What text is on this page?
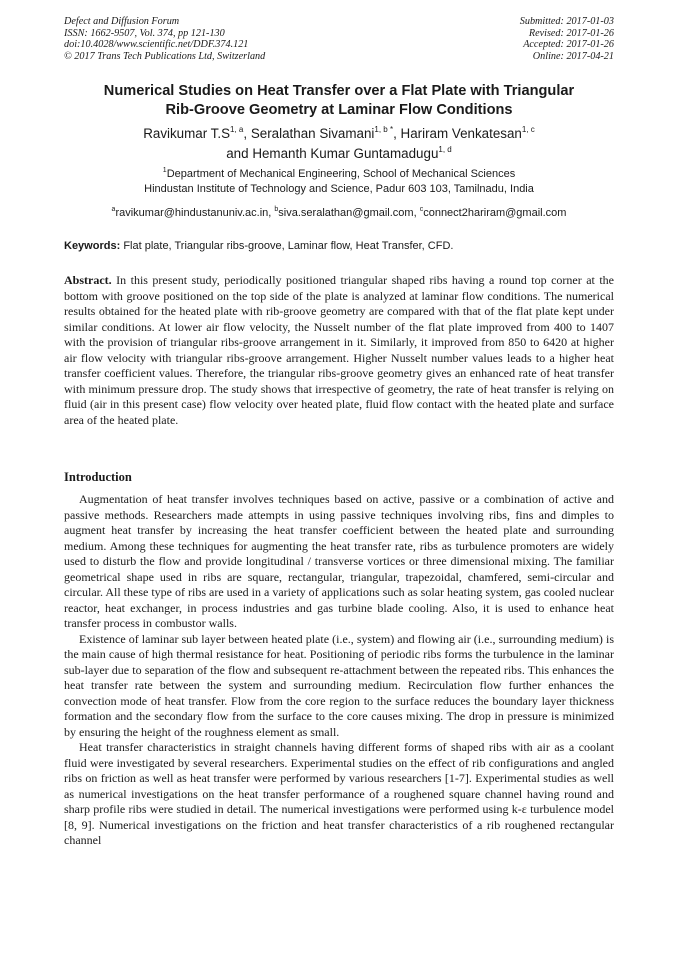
Defect and Diffusion Forum
ISSN: 1662-9507, Vol. 374, pp 121-130
doi:10.4028/www.scientific.net/DDF.374.121
© 2017 Trans Tech Publications Ltd, Switzerland
Submitted: 2017-01-03
Revised: 2017-01-26
Accepted: 2017-01-26
Online: 2017-04-21
Numerical Studies on Heat Transfer over a Flat Plate with Triangular
Rib-Groove Geometry at Laminar Flow Conditions
Ravikumar $T.S^{1, a}$, Seralathan Sivamani$^{1, b *}$, Hariram Venkatesan$^{1, c}$
and Hemanth Kumar Guntamadugu$^{1, d}$
$^1$Department of Mechanical Engineering, School of Mechanical Sciences
Hindustan Institute of Technology and Science, Padur 603 103, Tamilnadu, India
$^a$ravikumar@hindustanuniv.ac.in, $^b$siva.seralathan@gmail.com, $^c$connect2hariram@gmail.com
Keywords: Flat plate, Triangular ribs-groove, Laminar flow, Heat Transfer, CFD.
Abstract. In this present study, periodically positioned triangular shaped ribs having a round top corner at the bottom with groove positioned on the top side of the plate is analyzed at laminar flow conditions. The numerical results obtained for the heated plate with rib-groove geometry are compared with that of the flat plate kept under similar conditions. At lower air flow velocity, the Nusselt number of the flat plate improved from 400 to 1407 with the provision of triangular ribs-groove arrangement in it. Similarly, it improved from 850 to 6420 at higher air flow velocity with triangular ribs-groove arrangement. Higher Nusselt number values leads to a higher heat transfer coefficient values. Therefore, the triangular ribs-groove geometry gives an enhanced rate of heat transfer with minimum pressure drop. The study shows that irrespective of geometry, the rate of heat transfer is relying on fluid (air in this present case) flow velocity over heated plate, fluid flow contact with the heated plate and surface area of the heated plate.
Introduction

Augmentation of heat transfer involves techniques based on active, passive or a combination of active and passive methods. Researchers made attempts in using passive techniques involving ribs, fins and dimples to augment heat transfer by increasing the heat transfer coefficient between the heated plate and surrounding medium. Among these techniques for augmenting the heat transfer rate, ribs as turbulence promoters are widely used to disturb the flow and provide longitudinal / transverse vortices or three dimensional mixing. The familiar geometrical shape used in ribs are square, rectangular, triangular, trapezoidal, chamfered, semi-circular and circular. All these type of ribs are used in a variety of applications such as solar heating system, gas cooled nuclear reactor, heat exchanger, in process industries and gas turbine blade cooling. Also, it is used to enhance heat transfer process in combustor walls.

Existence of laminar sub layer between heated plate (i.e., system) and flowing air (i.e., surrounding medium) is the main cause of high thermal resistance for heat. Positioning of periodic ribs forms the turbulence in the laminar sub-layer due to separation of the flow and subsequent re-attachment between the repeated ribs. This enhances the heat transfer rate between the system and surrounding medium. Recirculation flow further enhances the convection mode of heat transfer. Flow from the core region to the surface reduces the boundary layer thickness formation and the secondary flow from the surface to the core causes mixing. The drop in pressure is minimized by ensuring the height of the roughness element as small.

Heat transfer characteristics in straight channels having different forms of shaped ribs with air as a coolant fluid were investigated by several researchers. Experimental studies on the effect of rib configurations and angled ribs on friction as well as heat transfer were performed by various researchers [1-7]. Experimental studies as well as numerical investigations on the heat transfer performance of a roughened square channel having round and sharp profile ribs were studied in detail. The numerical investigations were performed using k-ε turbulence model [8, 9]. Numerical investigations on the friction and heat transfer characteristics of a rib roughened rectangular channel
